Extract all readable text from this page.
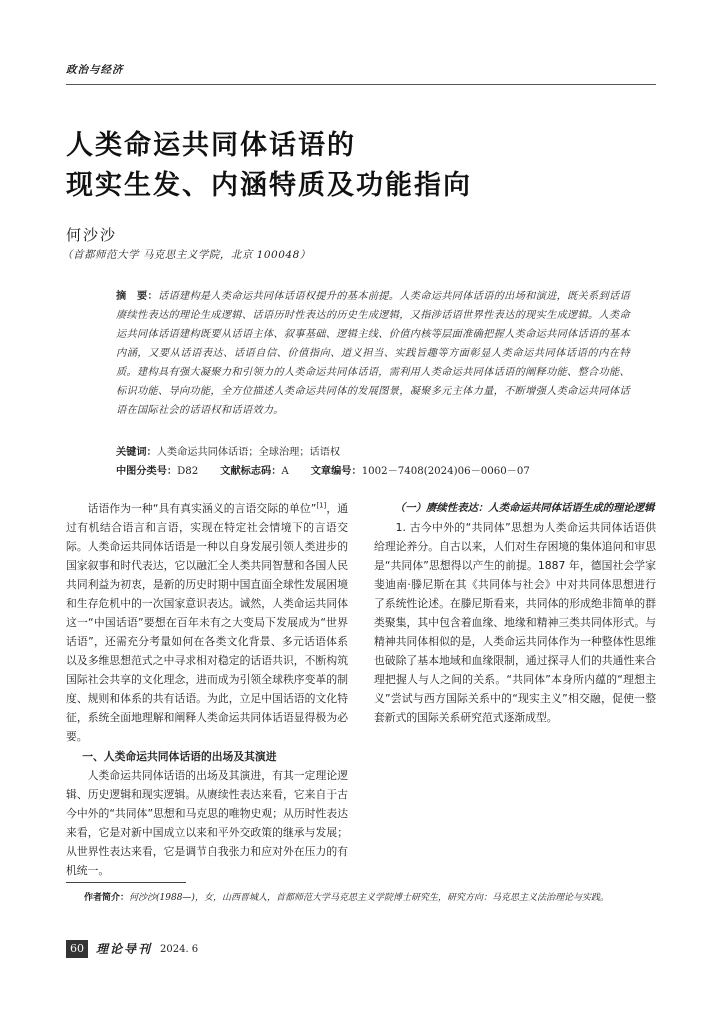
政治与经济
人类命运共同体话语的
现实生发、内涵特质及功能指向
何沙沙
（首都师范大学 马克思主义学院，北京 100048）
摘　要：话语建构是人类命运共同体话语权提升的基本前提。人类命运共同体话语的出场和演进，既关系到话语赓续性表达的理论生成逻辑、话语历时性表达的历史生成逻辑，又指涉话语世界性表达的现实生成逻辑。人类命运共同体话语建构既要从话语主体、叙事基础、逻辑主线、价值内核等层面准确把握人类命运共同体话语的基本内涵，又要从话语表达、话语自信、价值指向、道义担当、实践旨趣等方面彰显人类命运共同体话语的内在特质。建构具有强大凝聚力和引领力的人类命运共同体话语，需利用人类命运共同体话语的阐释功能、整合功能、标识功能、导向功能，全方位描述人类命运共同体的发展图景，凝聚多元主体力量，不断增强人类命运共同体话语在国际社会的话语权和话语效力。
关键词：人类命运共同体话语；全球治理；话语权
中图分类号：D82 文献标志码：A 文章编号：1002－7408(2024)06－0060－07

话语作为一种“具有真实涵义的言语交际的单位”[1]，通过有机结合语言和言语，实现在特定社会情境下的言语交际。人类命运共同体话语是一种以自身发展引领人类进步的国家叙事和时代表达，它以融汇全人类共同智慧和各国人民共同利益为初衷，是新的历史时期中国直面全球性发展困境和生存危机中的一次国家意识表达。诚然，人类命运共同体这一“中国话语”要想在百年未有之大变局下发展成为“世界话语”，还需充分考量如何在各类文化背景、多元话语体系以及多维思想范式之中寻求相对稳定的话语共识，不断构筑国际社会共享的文化理念，进而成为引领全球秩序变革的制度、规则和体系的共有话语。为此，立足中国话语的文化特征，系统全面地理解和阐释人类命运共同体话语显得极为必要。

一、人类命运共同体话语的出场及其演进

人类命运共同体话语的出场及其演进，有其一定理论逻辑、历史逻辑和现实逻辑。从赓续性表达来看，它来自于古今中外的“共同体”思想和马克思的唯物史观；从历时性表达来看，它是对新中国成立以来和平外交政策的继承与发展；从世界性表达来看，它是调节自我张力和应对外在压力的有机统一。

（一）赓续性表达：人类命运共同体话语生成的理论逻辑

1. 古今中外的“共同体”思想为人类命运共同体话语供给理论养分。自古以来，人们对生存困境的集体追问和审思是“共同体”思想得以产生的前提。1887 年，德国社会学家斐迪南·滕尼斯在其《共同体与社会》中对共同体思想进行了系统性论述。在滕尼斯看来，共同体的形成绝非简单的群类聚集，其中包含着血缘、地缘和精神三类共同体形式。与精神共同体相似的是，人类命运共同体作为一种整体性思维也破除了基本地域和血缘限制，通过探寻人们的共通性来合理把握人与人之间的关系。“共同体”本身所内蕴的“理想主义”尝试与西方国际关系中的“现实主义”相交融，促使一整套新式的国际关系研究范式逐渐成型。

作者简介：何沙沙(1988—)，女，山西晋城人，首都师范大学马克思主义学院博士研究生，研究方向：马克思主义法治理论与实践。
60	理论导刊 2024. 6
